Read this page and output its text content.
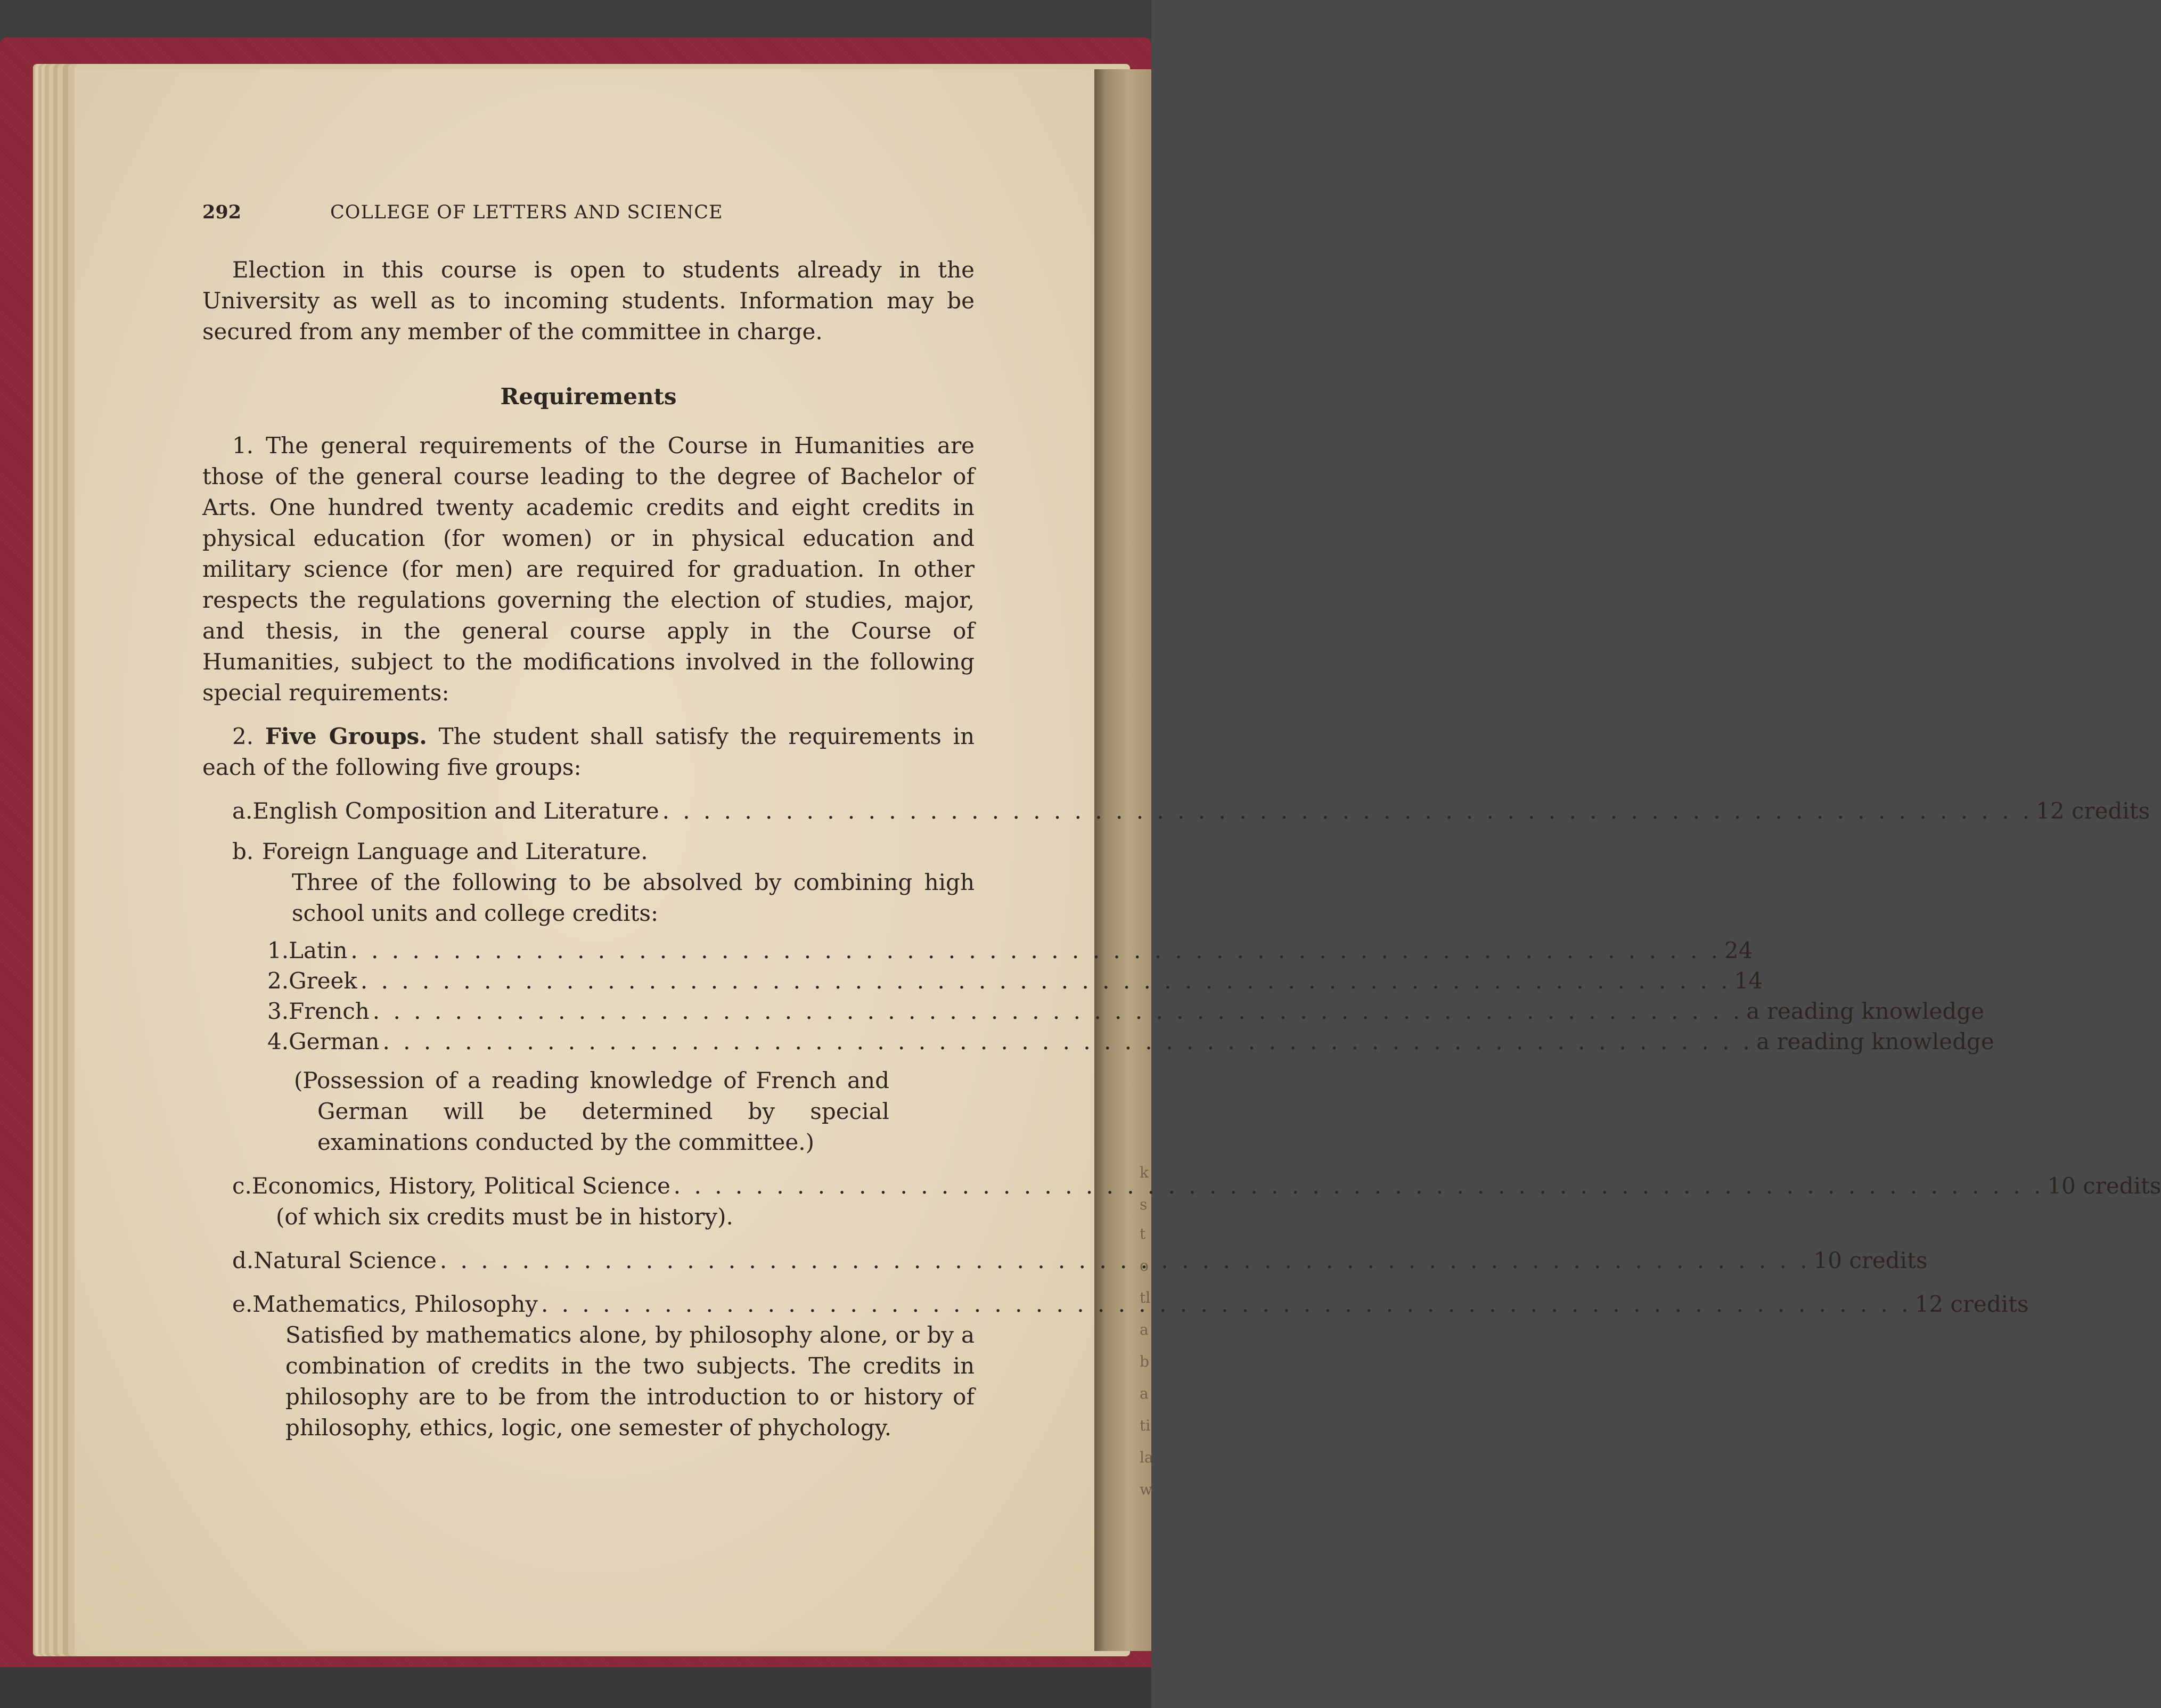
k
s
t
o
tl
a
b
a
ti
la
w
292	COLLEGE OF LETTERS AND SCIENCE

Election in this course is open to students already in the University as well as to incoming students. Information may be secured from any member of the committee in charge.

Requirements

1. The general requirements of the Course in Humanities are those of the general course leading to the degree of Bachelor of Arts. One hundred twenty academic credits and eight credits in physical education (for women) or in physical education and military science (for men) are required for graduation. In other respects the regulations governing the election of studies, major, and thesis, in the general course apply in the Course of Humanities, subject to the modifications involved in the following special requirements:

2. Five Groups. The student shall satisfy the requirements in each of the following five groups:

a. English Composition and Literature . . .	12 credits
b. Foreign Language and Literature.

Three of the following to be absolved by combining high school units and college credits:

1. Latin . . .	24
2. Greek . . .	14
3. French . . .	a reading knowledge
4. German . . .	a reading knowledge

(Possession of a reading knowledge of French and German will be determined by special examinations conducted by the committee.)

c. Economics, History, Political Science . . .	10 credits

(of which six credits must be in history).

d. Natural Science . . .	10 credits
e. Mathematics, Philosophy . . .	12 credits

Satisfied by mathematics alone, by philosophy alone, or by a combination of credits in the two subjects. The credits in philosophy are to be from the introduction to or history of philosophy, ethics, logic, one semester of phychology.
